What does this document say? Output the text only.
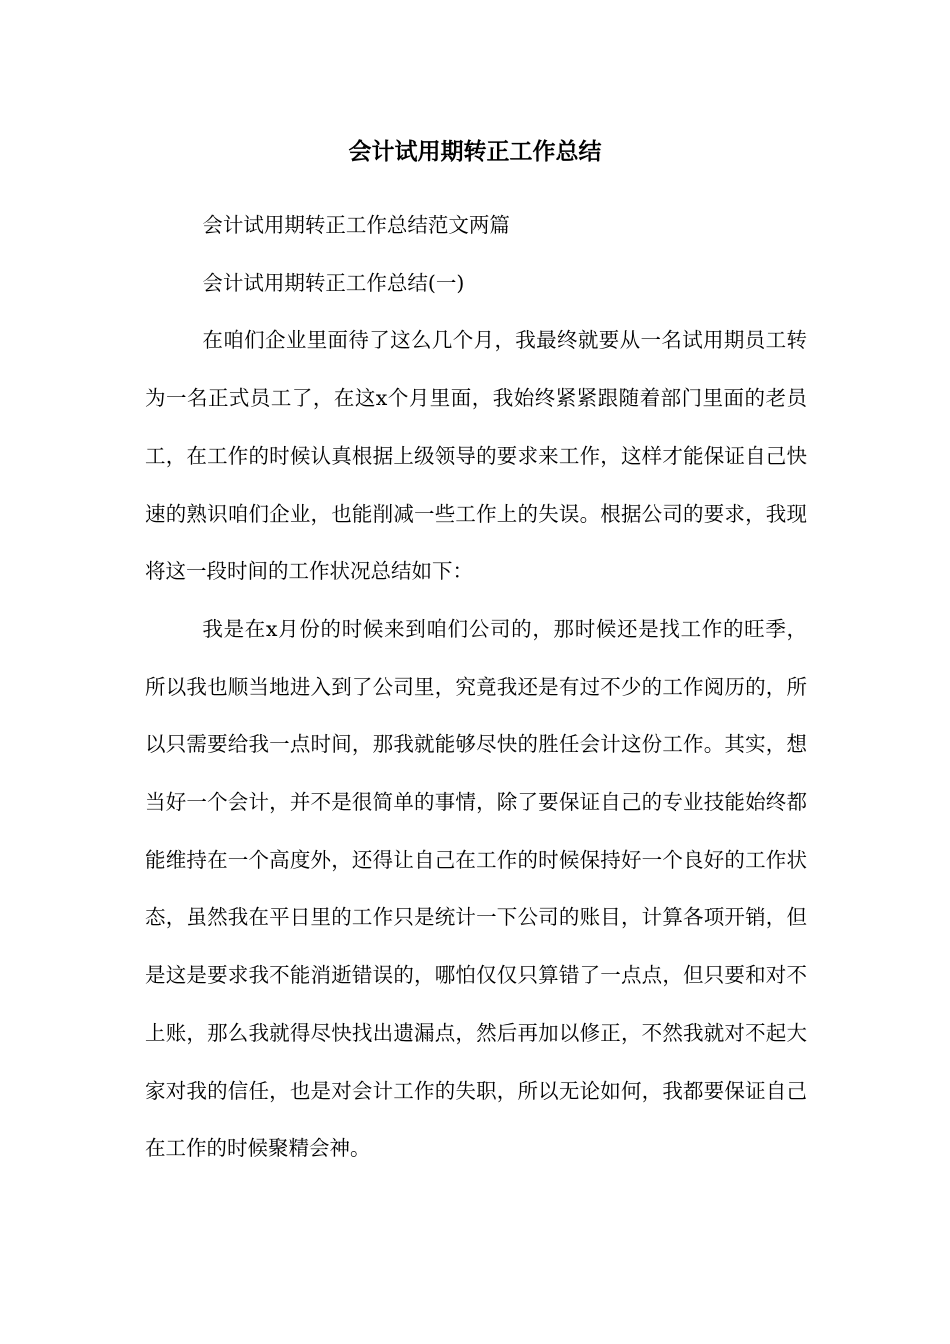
会计试用期转正工作总结

会计试用期转正工作总结范文两篇

会计试用期转正工作总结(一)

在咱们企业里面待了这么几个月，我最终就要从一名试用期员工转为一名正式员工了，在这x个月里面，我始终紧紧跟随着部门里面的老员工，在工作的时候认真根据上级领导的要求来工作，这样才能保证自己快速的熟识咱们企业，也能削减一些工作上的失误。根据公司的要求，我现将这一段时间的工作状况总结如下：

我是在x月份的时候来到咱们公司的，那时候还是找工作的旺季，所以我也顺当地进入到了公司里，究竟我还是有过不少的工作阅历的，所以只需要给我一点时间，那我就能够尽快的胜任会计这份工作。其实，想当好一个会计，并不是很简单的事情，除了要保证自己的专业技能始终都能维持在一个高度外，还得让自己在工作的时候保持好一个良好的工作状态，虽然我在平日里的工作只是统计一下公司的账目，计算各项开销，但是这是要求我不能消逝错误的，哪怕仅仅只算错了一点点，但只要和对不上账，那么我就得尽快找出遗漏点，然后再加以修正，不然我就对不起大家对我的信任，也是对会计工作的失职，所以无论如何，我都要保证自己在工作的时候聚精会神。
